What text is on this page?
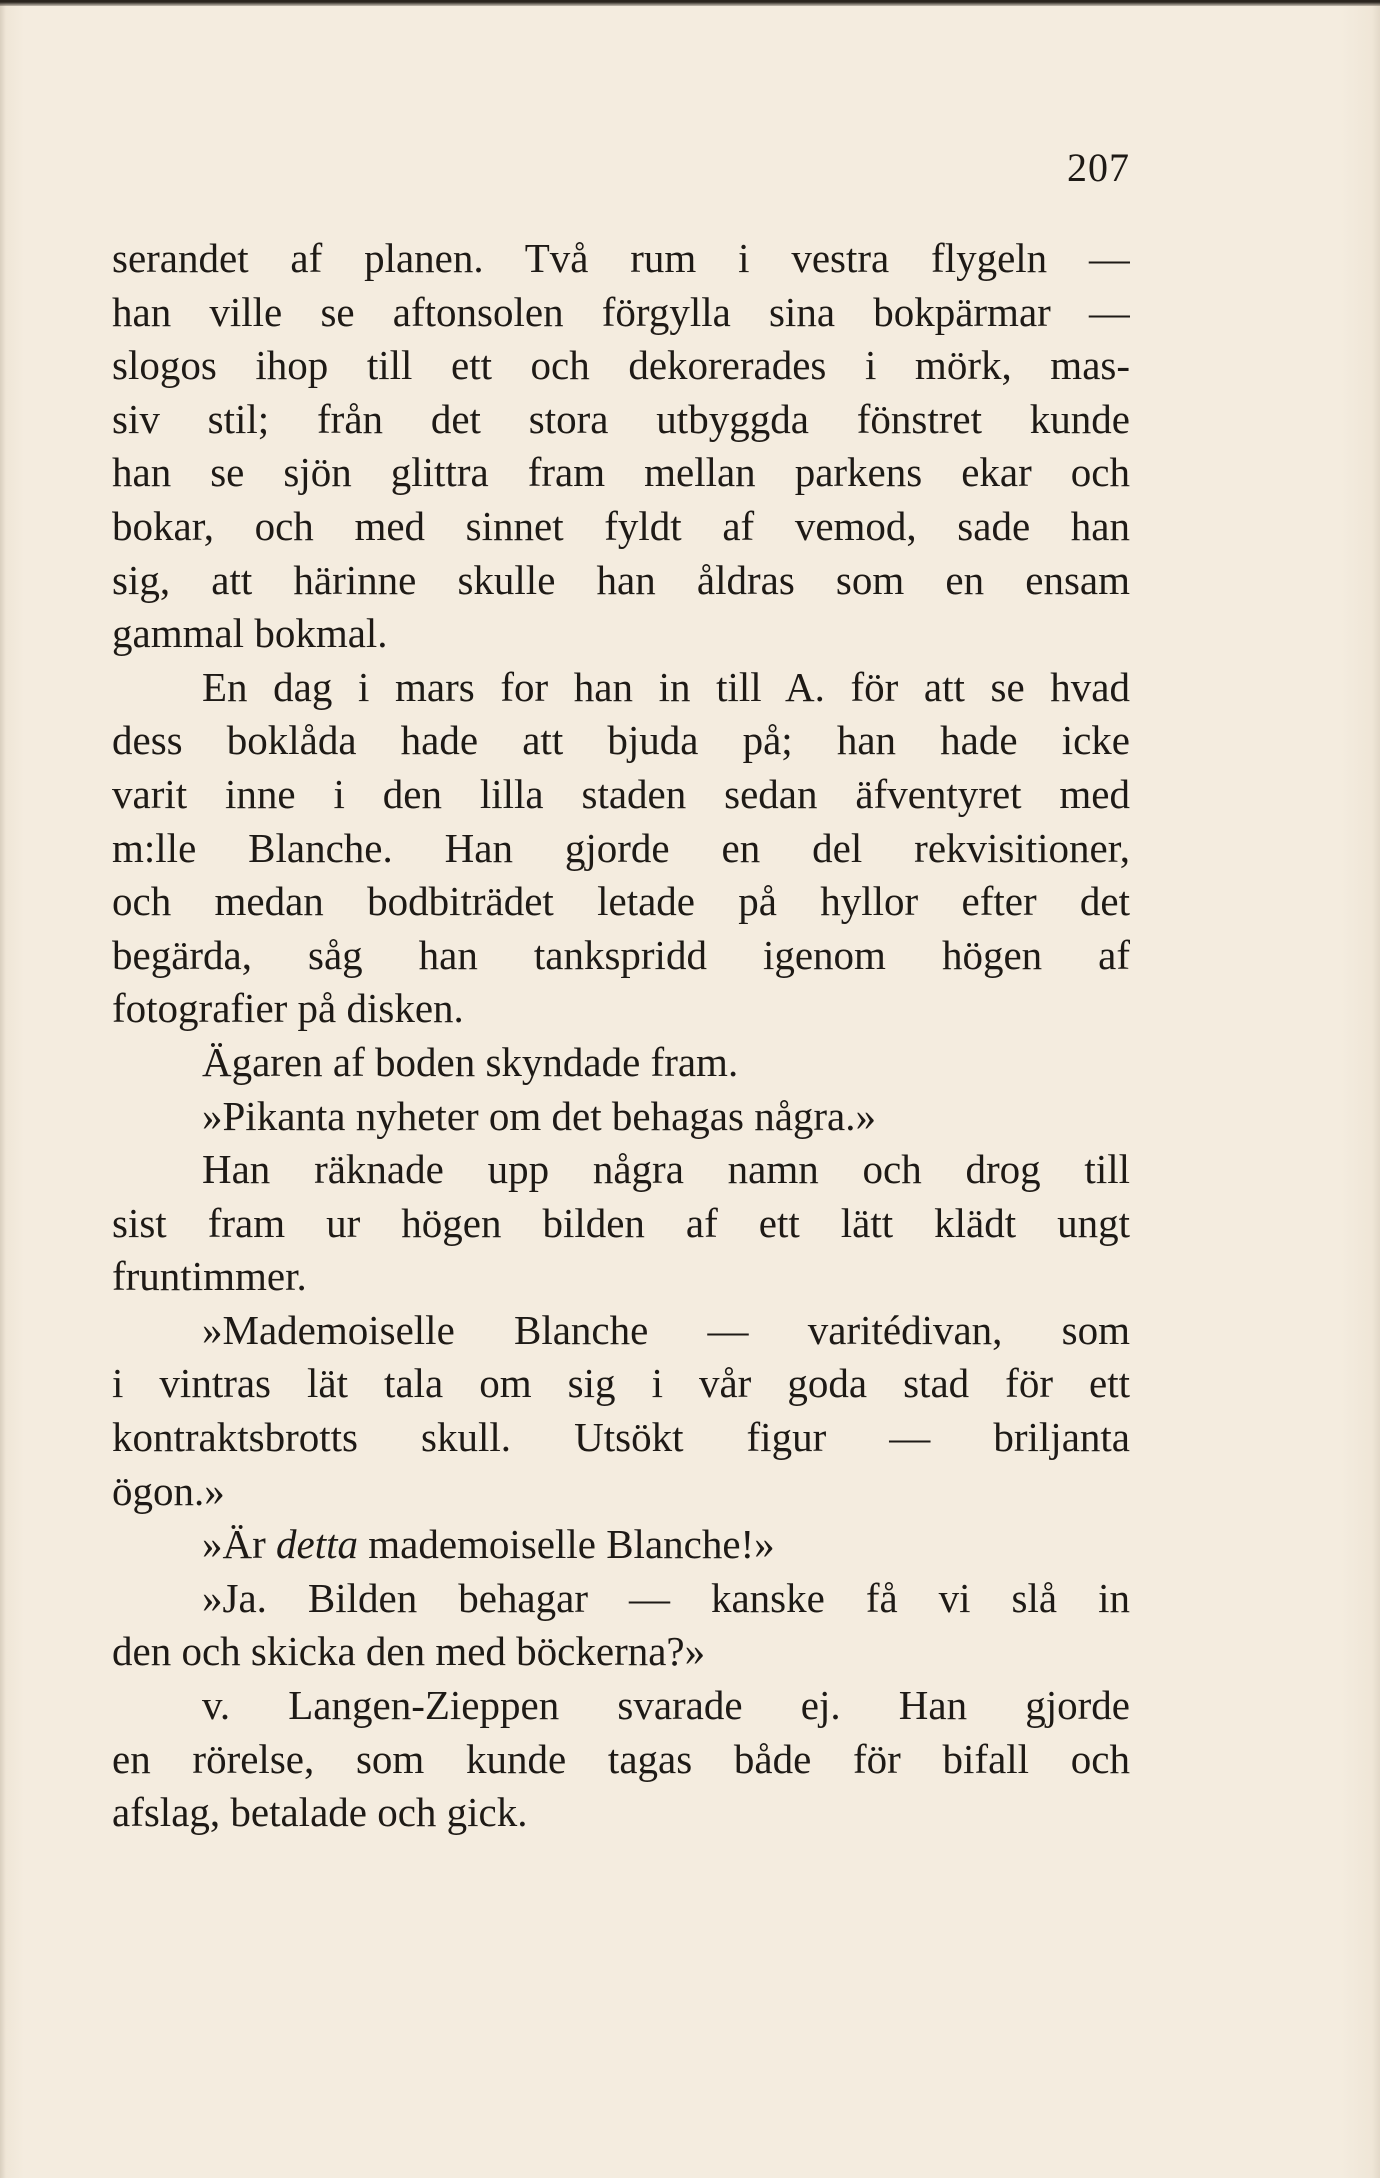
207
serandet af planen. Två rum i vestra flygeln —
han ville se aftonsolen förgylla sina bokpärmar —
slogos ihop till ett och dekorerades i mörk, mas-
siv stil; från det stora utbyggda fönstret kunde
han se sjön glittra fram mellan parkens ekar och
bokar, och med sinnet fyldt af vemod, sade han
sig, att härinne skulle han åldras som en ensam
gammal bokmal.
En dag i mars for han in till A. för att se hvad
dess boklåda hade att bjuda på; han hade icke
varit inne i den lilla staden sedan äfventyret med
m:lle Blanche. Han gjorde en del rekvisitioner,
och medan bodbiträdet letade på hyllor efter det
begärda, såg han tankspridd igenom högen af
fotografier på disken.
Ägaren af boden skyndade fram.
»Pikanta nyheter om det behagas några.»
Han räknade upp några namn och drog till
sist fram ur högen bilden af ett lätt klädt ungt
fruntimmer.
»Mademoiselle Blanche — varitédivan, som
i vintras lät tala om sig i vår goda stad för ett
kontraktsbrotts skull. Utsökt figur — briljanta
ögon.»
»Är detta mademoiselle Blanche!»
»Ja. Bilden behagar — kanske få vi slå in
den och skicka den med böckerna?»
v. Langen-Zieppen svarade ej. Han gjorde
en rörelse, som kunde tagas både för bifall och
afslag, betalade och gick.
